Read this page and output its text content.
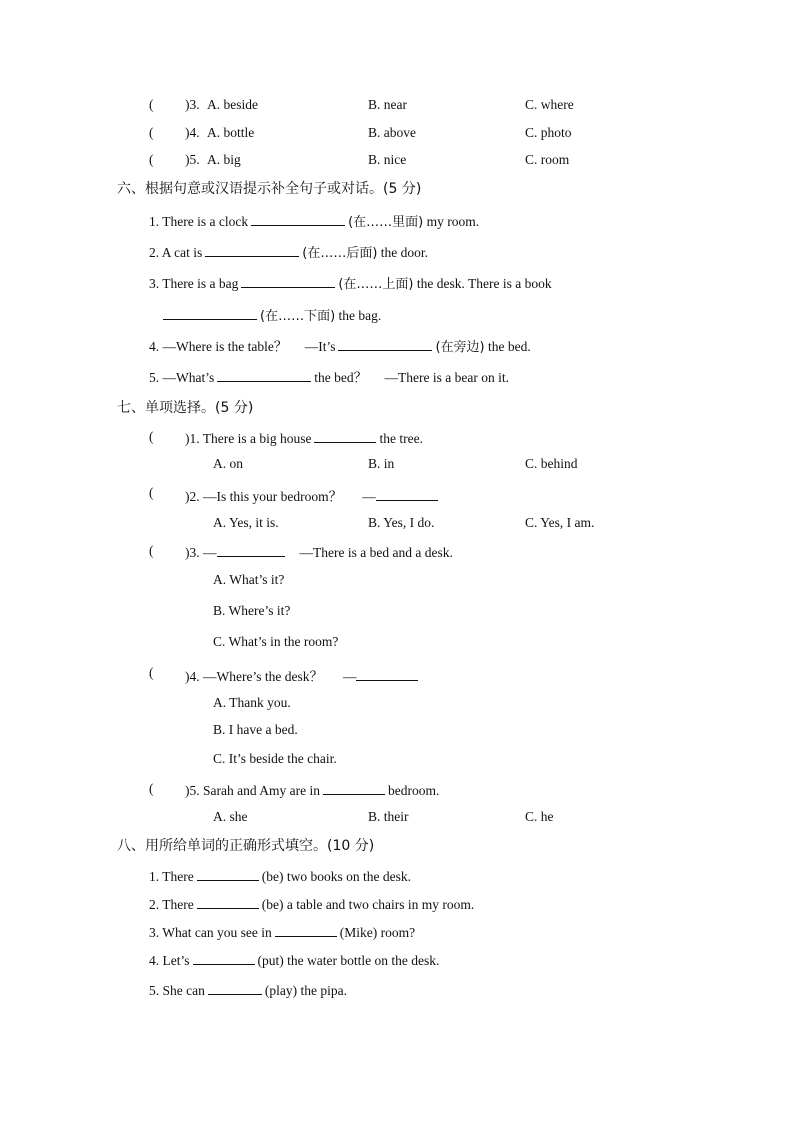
( )3. A. beside	B. near	C. where
( )4. A. bottle	B. above	C. photo
( )5. A. big	B. nice	C. room
六、根据句意或汉语提示补全句子或对话。(5 分)
1. There is a clock	(在……里面) my room.
2. A cat is	(在……后面) the door.
3. There is a bag	(在……上面) the desk. There is a book
(在……下面) the bag.
4. —Where is the table？ —It’s	(在旁边) the bed.
5. —What’s	the bed？ —There is a bear on it.
七、单项选择。(5 分)
( )1. There is a big house	the tree.
A. on	B. in	C. behind
( )2. —Is this your bedroom？ —
A. Yes, it is.	B. Yes, I do.	C. Yes, I am.
( )3. —	—There is a bed and a desk.
A. What’s it?
B. Where’s it?
C. What’s in the room?
( )4. —Where’s the desk？ —
A. Thank you.
B. I have a bed.
C. It’s beside the chair.
( )5. Sarah and Amy are in	bedroom.
A. she	B. their	C. he
八、用所给单词的正确形式填空。(10 分)
1. There	(be) two books on the desk.
2. There	(be) a table and two chairs in my room.
3. What can you see in	(Mike) room?
4. Let’s	(put) the water bottle on the desk.
5. She can	(play) the pipa.
